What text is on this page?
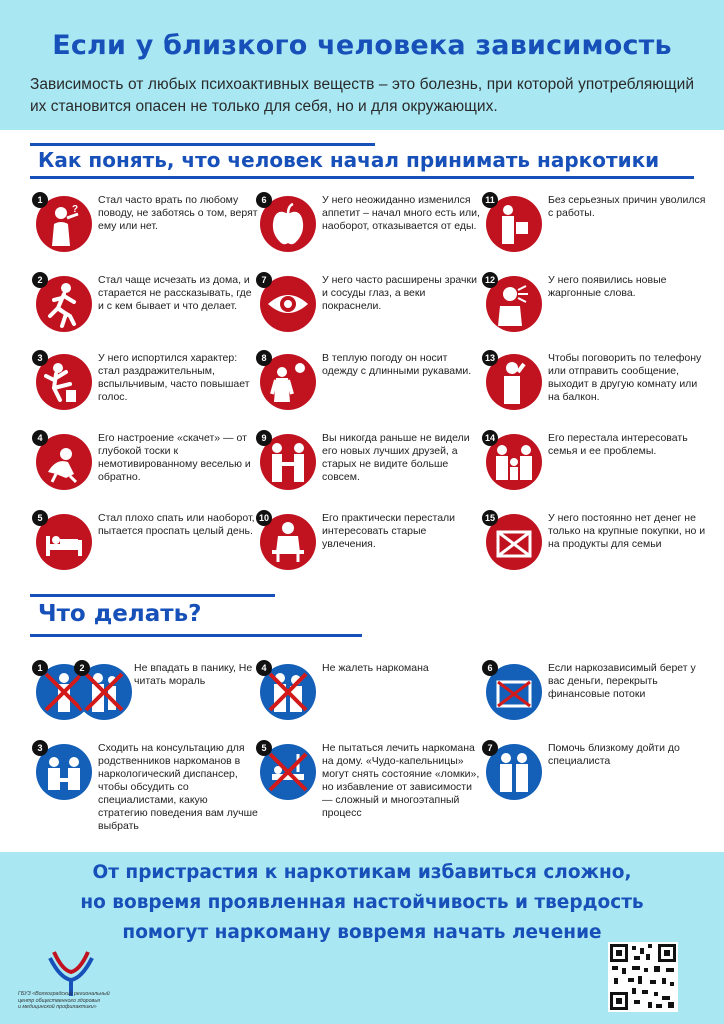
Если у близкого человека зависимость

Зависимость от любых психоактивных веществ – это болезнь, при которой употребляющий их становится опасен не только для себя, но и для окружающих.

Как понять, что человек начал принимать наркотики
?
1	Стал часто врать по любому поводу, не заботясь о том, верят ему или нет.

2	Стал чаще исчезать из дома, и старается не рассказывать, где и с кем бывает и что делает.

3	У него испортился характер: стал раздражительным, вспыльчивым, часто повышает голос.

4	Его настроение «скачет» — от глубокой тоски к немотивированному веселью и обратно.

5	Стал плохо спать или наоборот, пытается проспать целый день.

6	У него неожиданно изменился аппетит – начал много есть или, наоборот, отказывается от еды.

7	У него часто расширены зрачки и сосуды глаз, а веки покраснели.

8	В теплую погоду он носит одежду с длинными рукавами.

9	Вы никогда раньше не видели его новых лучших друзей, а старых не видите больше совсем.

10	Его практически перестали интересовать старые увлечения.

11	Без серьезных причин уволился с работы.

12	У него появились новые жаргонные слова.

13	Чтобы поговорить по телефону или отправить сообщение, выходит в другую комнату или на балкон.

14	Его перестала интересовать семья и ее проблемы.

15	У него постоянно нет денег не только на крупные покупки, но и на продукты для семьи

Что делать?
1	2	Не впадать в панику, Не читать мораль

3	Сходить на консультацию для родственников наркоманов в наркологический диспансер, чтобы обсудить со специалистами, какую стратегию поведения вам лучше выбрать

4	Не жалеть наркомана

5	Не пытаться лечить наркомана на дому. «Чудо-капельницы» могут снять состояние «ломки», но избавление от зависимости — сложный и многоэтапный процесс

6	Если наркозависимый берет у вас деньги, перекрыть финансовые потоки

7	Помочь близкому дойти до специалиста

От пристрастия к наркотикам избавиться сложно,
но вовремя проявленная настойчивость и твердость
помогут наркоману вовремя начать лечение
ГБУЗ «Волгоградский региональный
центр общественного здоровья
и медицинской профилактики»
